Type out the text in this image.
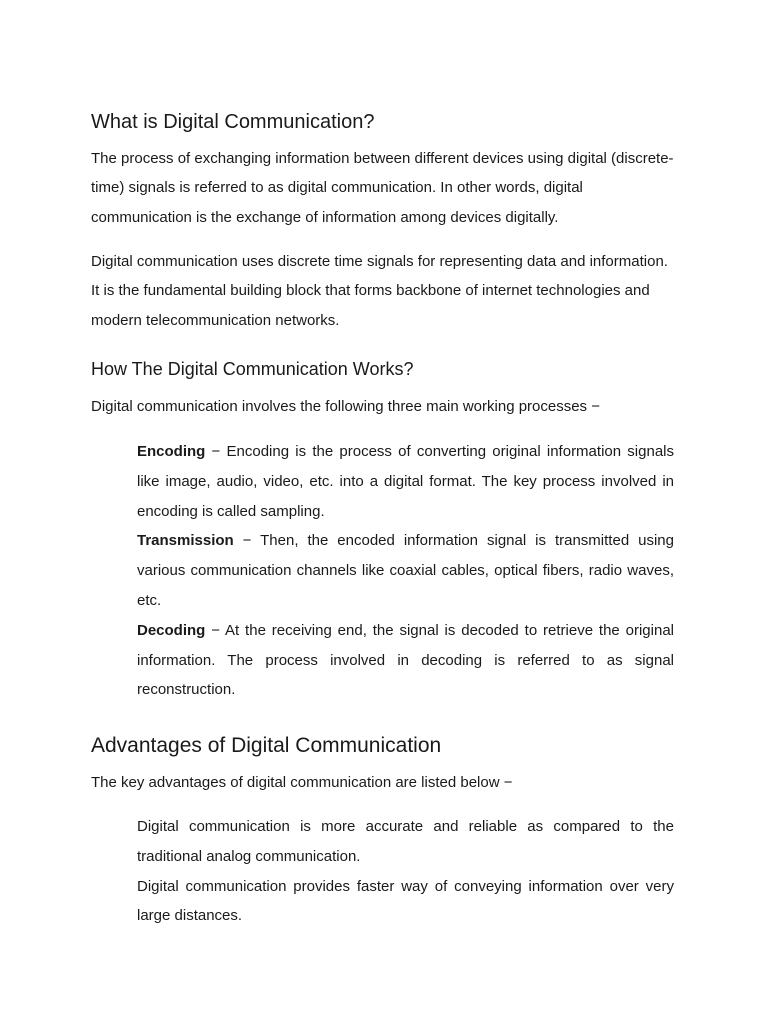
What is Digital Communication?

The process of exchanging information between different devices using digital (discrete-time) signals is referred to as digital communication. In other words, digital communication is the exchange of information among devices digitally.

Digital communication uses discrete time signals for representing data and information. It is the fundamental building block that forms backbone of internet technologies and modern telecommunication networks.

How The Digital Communication Works?

Digital communication involves the following three main working processes −

Encoding − Encoding is the process of converting original information signals like image, audio, video, etc. into a digital format. The key process involved in encoding is called sampling.

Transmission − Then, the encoded information signal is transmitted using various communication channels like coaxial cables, optical fibers, radio waves, etc.

Decoding − At the receiving end, the signal is decoded to retrieve the original information. The process involved in decoding is referred to as signal reconstruction.

Advantages of Digital Communication

The key advantages of digital communication are listed below −

Digital communication is more accurate and reliable as compared to the traditional analog communication.

Digital communication provides faster way of conveying information over very large distances.
